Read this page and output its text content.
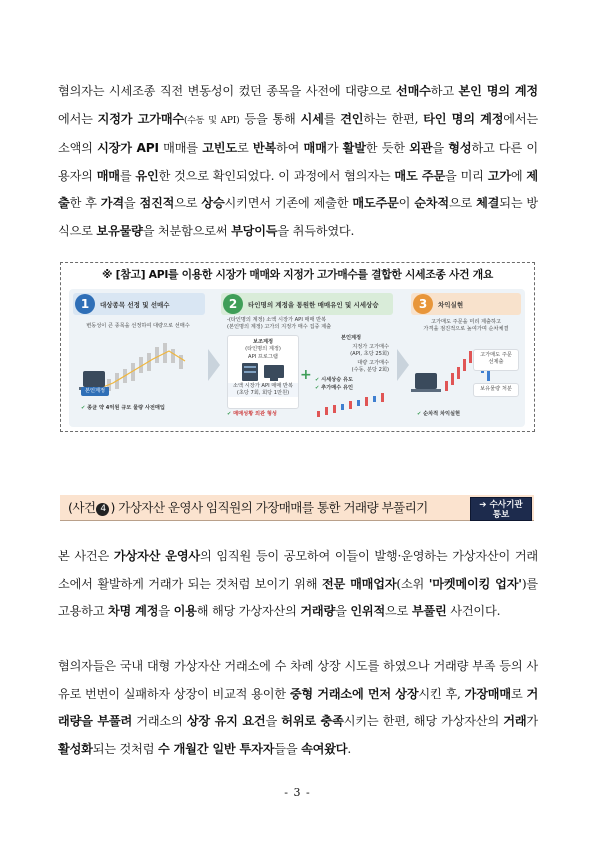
혐의자는 시세조종 직전 변동성이 컸던 종목을 사전에 대량으로 선매수하고 본인 명의 계정에서는 지정가 고가매수(수동 및 API) 등을 통해 시세를 견인하는 한편, 타인 명의 계정에서는 소액의 시장가 API 매매를 고빈도로 반복하여 매매가 활발한 듯한 외관을 형성하고 다른 이용자의 매매를 유인한 것으로 확인되었다. 이 과정에서 혐의자는 매도 주문을 미리 고가에 제출한 후 가격을 점진적으로 상승시키면서 기존에 제출한 매도주문이 순차적으로 체결되는 방식으로 보유물량을 처분함으로써 부당이득을 취득하였다.

※ [참고] API를 이용한 시장가 매매와 지정가 고가매수를 결합한 시세조종 사건 개요
1	대상종목 선정 및 선매수
변동성이 큰 종목을 선정하여 대량으로 선매수
본인계정
✔ 종균 약 4억원 규모 물량 사전매입
2	타인명의 계정을 통원한 매매유인 및 시세상승
-(타인명의 계정) 소액 시장가 API 매매 반복
(본인명의 계정) 고가의 지정가 매수 집중 제출
보조계정
(타인명의 계정)
API 프로그램
소액 시장가 API 매매 반복
(초당 7회, 회당 1만원)
+
본인계정
지정가 고가매수
(API, 초당 25회)
대량 고가매수
(수동, 분당 2회)
✔ 시세상승 유도
✔ 추가매수 유인
✔ 매매성황 외관 형성
3	차익실현
고가매도 주문을 미리 제출하고
가격을 점진적으로 높여가며 순차체결
고가매도 주문
선제출
보유물량 처분
✔ 순차적 차익실현
(사건 4 ) 가상자산 운영사 임직원의 가장매매를 통한 거래량 부풀리기	➔ 수사기관
통보

본 사건은 가상자산 운영사의 임직원 등이 공모하여 이들이 발행·운영하는 가상자산이 거래소에서 활발하게 거래가 되는 것처럼 보이기 위해 전문 매매업자(소위 '마켓메이킹 업자')를 고용하고 차명 계정을 이용해 해당 가상자산의 거래량을 인위적으로 부풀린 사건이다.

혐의자들은 국내 대형 가상자산 거래소에 수 차례 상장 시도를 하였으나 거래량 부족 등의 사유로 번번이 실패하자 상장이 비교적 용이한 중형 거래소에 먼저 상장시킨 후, 가장매매로 거래량을 부풀려 거래소의 상장 유지 요건을 허위로 충족시키는 한편, 해당 가상자산의 거래가 활성화되는 것처럼 수 개월간 일반 투자자들을 속여왔다.

- 3 -
